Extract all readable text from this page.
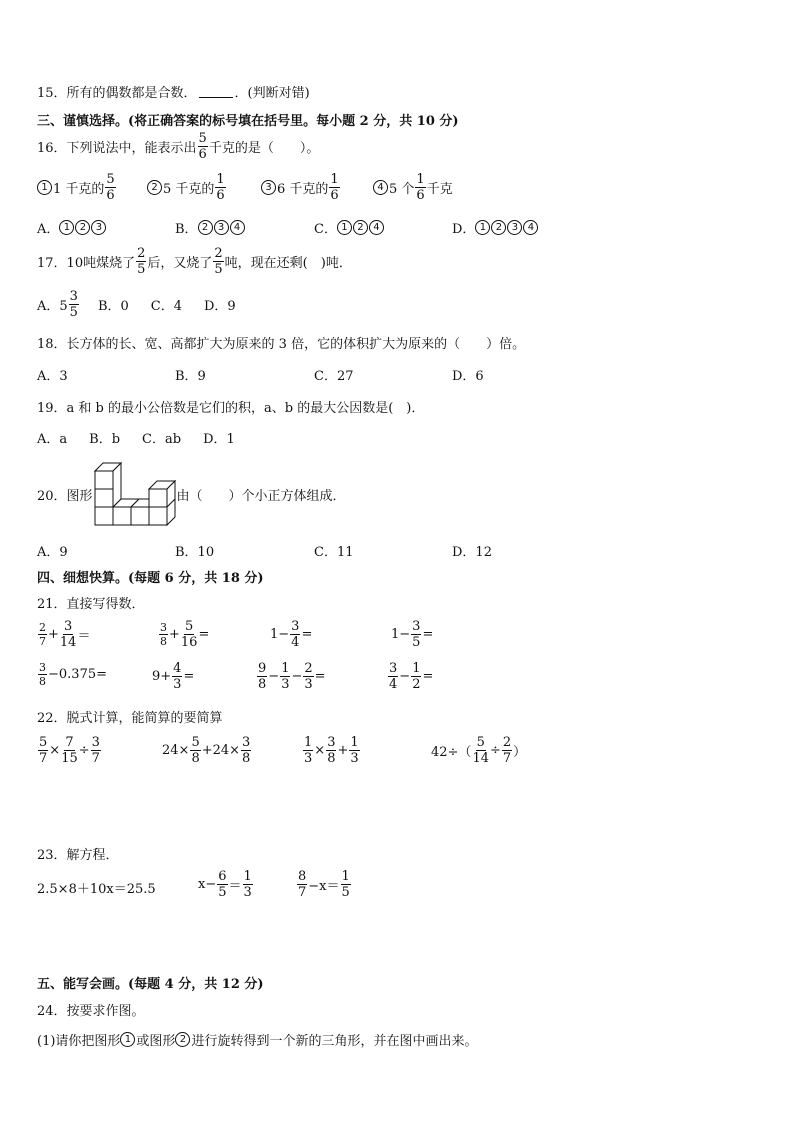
15．所有的偶数都是合数．	．(判断对错)
三、谨慎选择。(将正确答案的标号填在括号里。每小题 2 分，共 10 分)
16．下列说法中，能表示出 $\frac{5}{6}$ 千克的是（　　）。
1 1 千克的 $\frac{5}{6}$	2 5 千克的 $\frac{1}{6}$	3 6 千克的 $\frac{1}{6}$	4 5 个 $\frac{1}{6}$ 千克
A． 1 2 3	B． 2 3 4	C． 1 2 4	D． 1 2 3 4
17．10吨煤烧了 $\frac{2}{5}$ 后，又烧了 $\frac{2}{5}$ 吨，现在还剩(　)吨．
A．$5 \frac{3}{5}$ B．0 C．4 D．9
18．长方体的长、宽、高都扩大为原来的 3 倍，它的体积扩大为原来的（　　）倍。
A．3	B．9	C．27	D．6
19．a 和 b 的最小公倍数是它们的积，a、b 的最大公因数是(　)．
A．a B．b C．ab D．1
20．图形	由（　　）个小正方体组成．
A．9	B．10	C．11	D．12
四、细想快算。(每题 6 分，共 18 分)
21．直接写得数．
$\frac{2}{7} + \frac{3}{14}$ ＝	$\frac{3}{8} + \frac{5}{16}$ =	$1- \frac{3}{4}$ =	$1- \frac{3}{5}$ =
$\frac{3}{8} -0.375=$	$9+ \frac{4}{3}$ =	$\frac{9}{8} - \frac{1}{3} - \frac{2}{3}$ =	$\frac{3}{4} - \frac{1}{2}$ =
22．脱式计算，能简算的要简算
$\frac{5}{7} \times \frac{7}{15} \div \frac{3}{7}$	$24\times \frac{5}{8} +24\times \frac{3}{8}$	$\frac{1}{3} \times \frac{3}{8} + \frac{1}{3}$	$42\div( \frac{5}{14} \div \frac{2}{7}$ ）
23．解方程．
2.5×8＋10x＝25.5	$x- \frac{6}{5} = \frac{1}{3}$	$\frac{8}{7} -x= \frac{1}{5}$
五、能写会画。(每题 4 分，共 12 分)
24．按要求作图。
(1)请你把图形 1 或图形 2 进行旋转得到一个新的三角形，并在图中画出来。
